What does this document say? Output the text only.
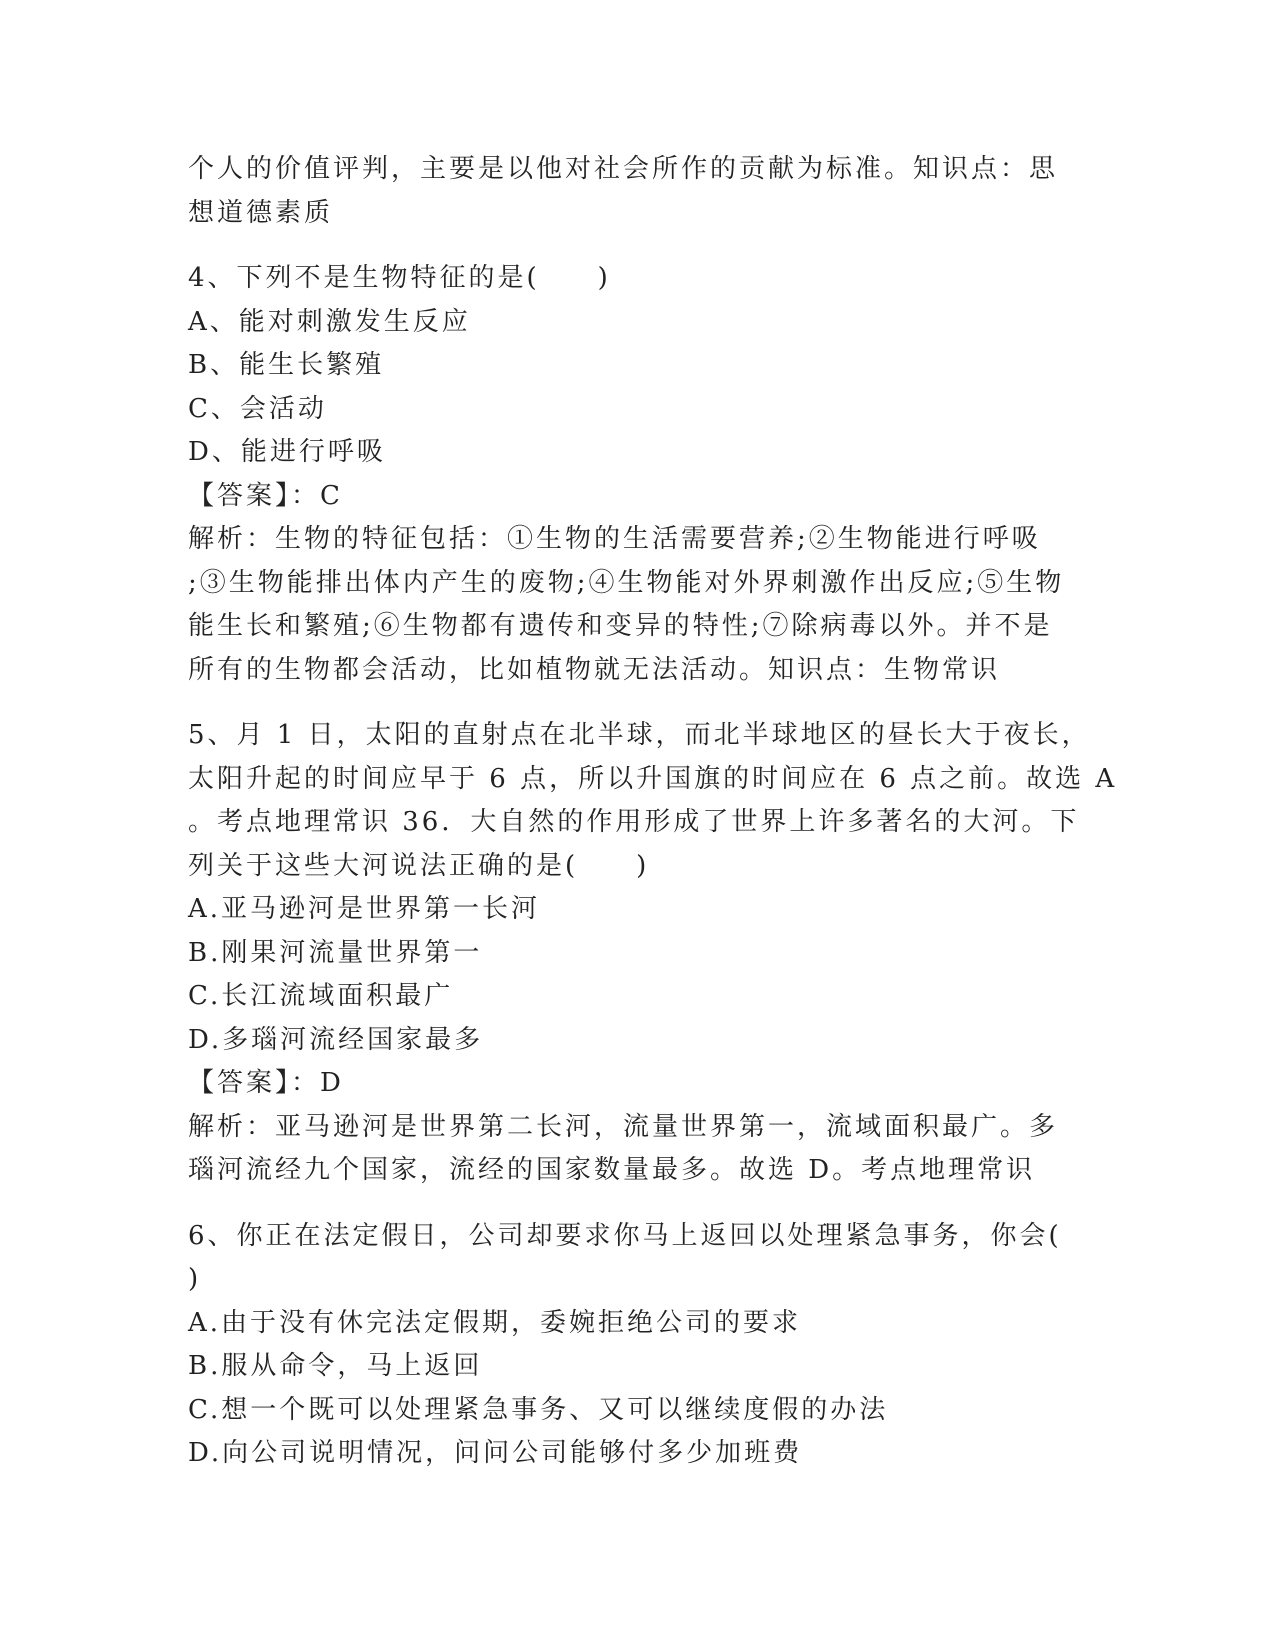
个人的价值评判，主要是以他对社会所作的贡献为标准。知识点：思
想道德素质
4、下列不是生物特征的是(　　)
A、能对刺激发生反应
B、能生长繁殖
C、会活动
D、能进行呼吸
【答案】：C
解析：生物的特征包括：①生物的生活需要营养;②生物能进行呼吸
;③生物能排出体内产生的废物;④生物能对外界刺激作出反应;⑤生物
能生长和繁殖;⑥生物都有遗传和变异的特性;⑦除病毒以外。并不是
所有的生物都会活动，比如植物就无法活动。知识点：生物常识
5、月 1 日，太阳的直射点在北半球，而北半球地区的昼长大于夜长，
太阳升起的时间应早于 6 点，所以升国旗的时间应在 6 点之前。故选 A
。考点地理常识 36．大自然的作用形成了世界上许多著名的大河。下
列关于这些大河说法正确的是(　　)
A.亚马逊河是世界第一长河
B.刚果河流量世界第一
C.长江流域面积最广
D.多瑙河流经国家最多
【答案】：D
解析：亚马逊河是世界第二长河，流量世界第一，流域面积最广。多
瑙河流经九个国家，流经的国家数量最多。故选 D。考点地理常识
6、你正在法定假日，公司却要求你马上返回以处理紧急事务，你会(
)
A.由于没有休完法定假期，委婉拒绝公司的要求
B.服从命令，马上返回
C.想一个既可以处理紧急事务、又可以继续度假的办法
D.向公司说明情况，问问公司能够付多少加班费
